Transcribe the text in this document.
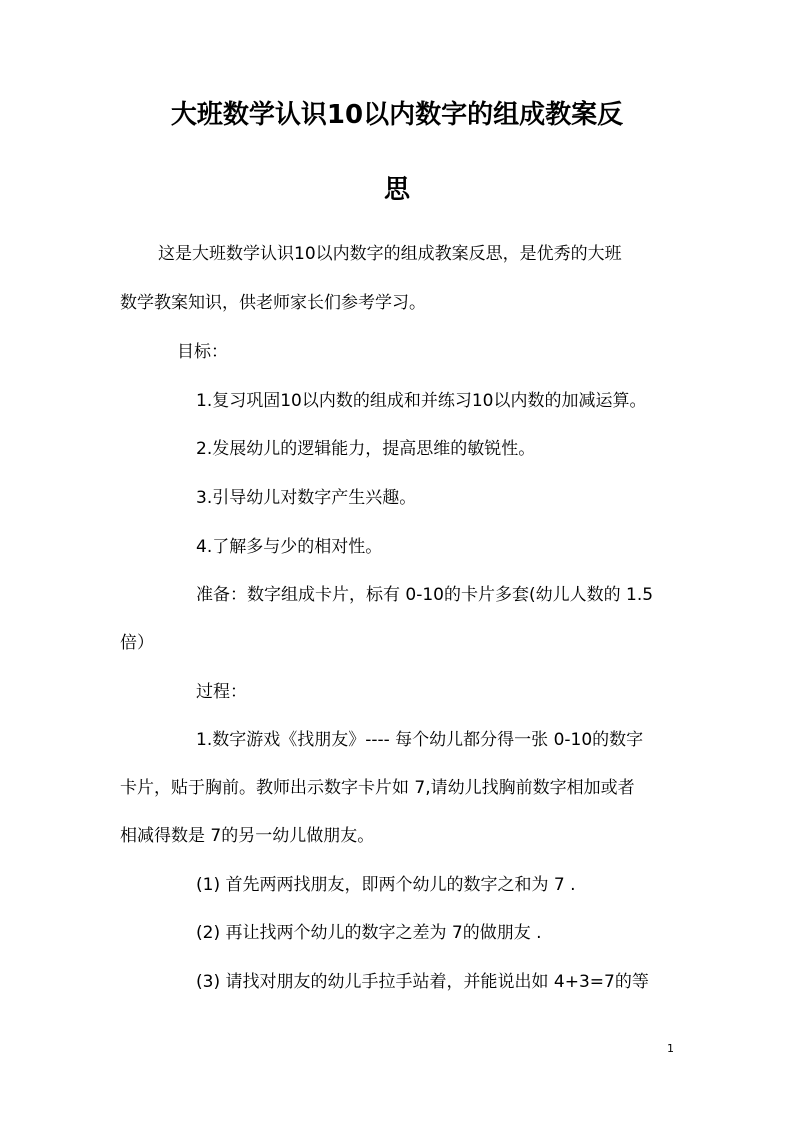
大班数学认识10以内数字的组成教案反
思
这是大班数学认识10以内数字的组成教案反思，是优秀的大班
数学教案知识，供老师家长们参考学习。
目标：
1.复习巩固10以内数的组成和并练习10以内数的加减运算。
2.发展幼儿的逻辑能力，提高思维的敏锐性。
3.引导幼儿对数字产生兴趣。
4.了解多与少的相对性。
准备：数字组成卡片，标有 0-10的卡片多套(幼儿人数的 1.5
倍）
过程：
1.数字游戏《找朋友》---- 每个幼儿都分得一张 0-10的数字
卡片，贴于胸前。教师出示数字卡片如 7,请幼儿找胸前数字相加或者
相减得数是 7的另一幼儿做朋友。
(1) 首先两两找朋友，即两个幼儿的数字之和为 7 .
(2) 再让找两个幼儿的数字之差为 7的做朋友 .
(3) 请找对朋友的幼儿手拉手站着，并能说出如 4+3=7的等
1
